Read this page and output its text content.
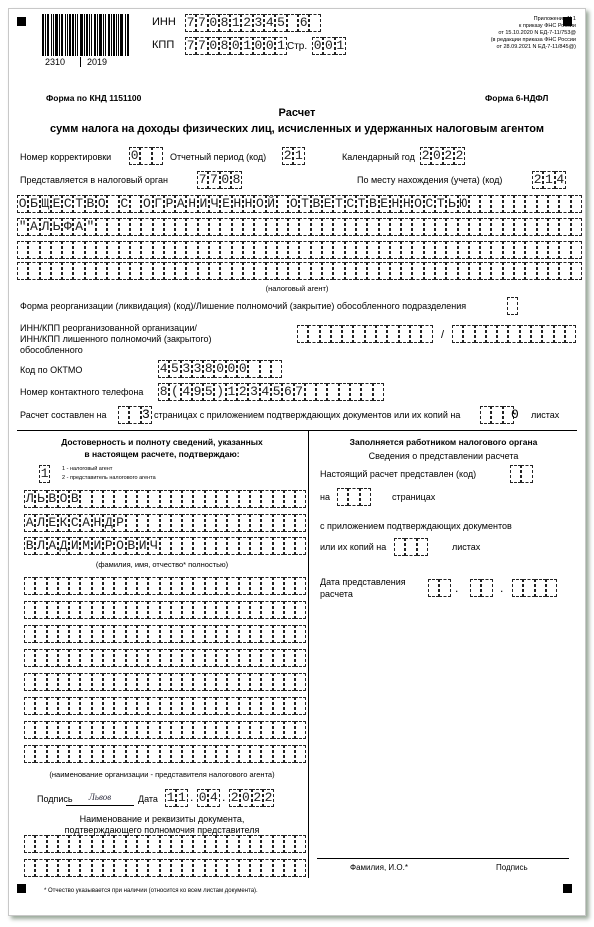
2310 2019
ИНН 7 7 0 8 1 2 3 4 5
6
КПП 7 7 0 8 0 1 0 0 1 Стр. 0 0 1
Приложение N 1
к приказу ФНС России
от 15.10.2020 N ЕД-7-11/753@
(в редакции приказа ФНС России
от 28.09.2021 N ЕД-7-11/845@)
Форма по КНД 1151100	Форма 6-НДФЛ
Расчет
сумм налога на доходы физических лиц, исчисленных и удержанных налоговым агентом
Номер корректировки 0	Отчетный период (код) 2 1	Календарный год 2 0 2 2
Представляется в налоговый орган 7 7 0 8	По месту нахождения (учета) (код) 2 1 4
О Б Щ Е С Т В О
С
О Г Р А Н И Ч Е Н Н О Й
О Т В Е Т С Т В Е Н Н О С Т Ь Ю
" А Л Ь Ф А "
(налоговый агент)
Форма реорганизации (ликвидация) (код)/Лишение полномочий (закрытие) обособленного подразделения
ИНН/КПП реорганизованной организации/
ИНН/КПП лишенного полномочий (закрытого)
обособленного
/
Код по ОКТМО	4 5 3 3 8 0 0 0
Номер контактного телефона	8 ( 4 9 5 ) 1 2 3 4 5 6 7
Расчет составлен на	3 страницах с приложением подтверждающих документов или их копий на	0 листах
Достоверность и полноту сведений, указанных
в настоящем расчете, подтверждаю:
1	1 - налоговый агент
2 - представитель налогового агента
Л Ь В О В
А Л Е К С А Н Д Р
В Л А Д И М И Р О В И Ч
(фамилия, имя, отчество* полностью)
(наименование организации - представителя налогового агента)
Подпись	Львов	Дата 1 1 . 0 4 . 2 0 2 2
Наименование и реквизиты документа,
подтверждающего полномочия представителя
Заполняется работником налогового органа
Сведения о представлении расчета
Настоящий расчет представлен (код)
на	страницах
с приложением подтверждающих документов
или их копий на	листах
Дата представления
расчета	.	.
Фамилия, И.О.*	Подпись
* Отчество указывается при наличии (относится ко всем листам документа).
